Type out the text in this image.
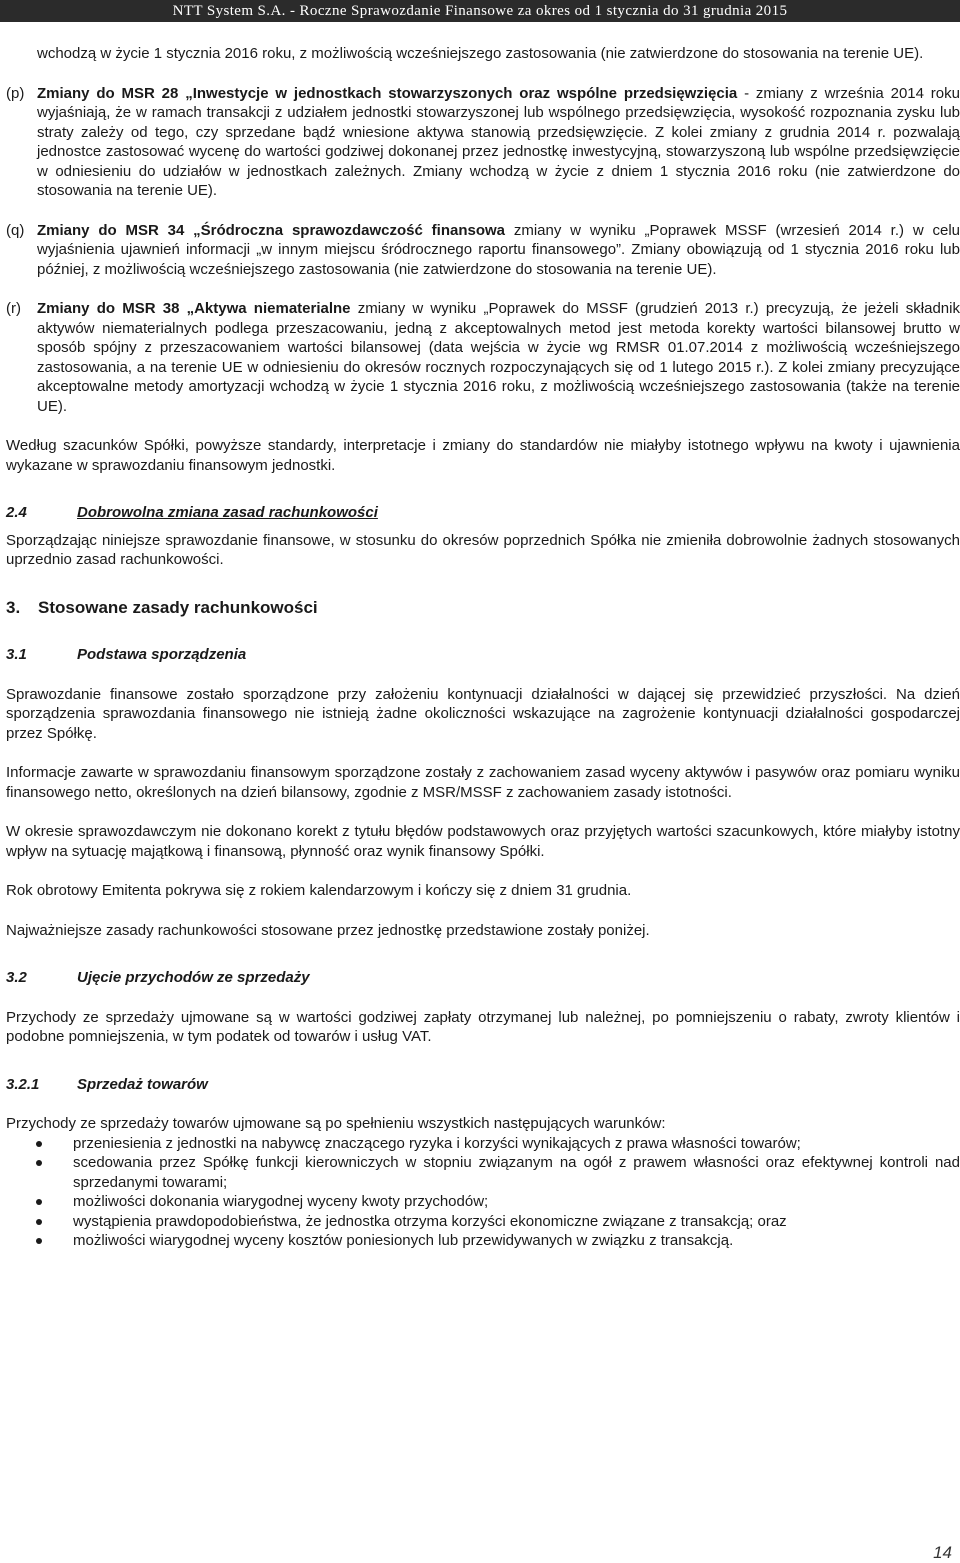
NTT System S.A. - Roczne Sprawozdanie Finansowe za okres od 1 stycznia do 31 grudnia 2015

wchodzą w życie 1 stycznia 2016 roku, z możliwością wcześniejszego zastosowania (nie zatwierdzone do stosowania na terenie UE).

(p) Zmiany do MSR 28 „Inwestycje w jednostkach stowarzyszonych oraz wspólne przedsięwzięcia - zmiany z września 2014 roku wyjaśniają, że w ramach transakcji z udziałem jednostki stowarzyszonej lub wspólnego przedsięwzięcia, wysokość rozpoznania zysku lub straty zależy od tego, czy sprzedane bądź wniesione aktywa stanowią przedsięwzięcie. Z kolei zmiany z grudnia 2014 r. pozwalają jednostce zastosować wycenę do wartości godziwej dokonanej przez jednostkę inwestycyjną, stowarzyszoną lub wspólne przedsięwzięcie w odniesieniu do udziałów w jednostkach zależnych. Zmiany wchodzą w życie z dniem 1 stycznia 2016 roku (nie zatwierdzone do stosowania na terenie UE).

(q) Zmiany do MSR 34 „Śródroczna sprawozdawczość finansowa zmiany w wyniku „Poprawek MSSF (wrzesień 2014 r.) w celu wyjaśnienia ujawnień informacji „w innym miejscu śródrocznego raportu finansowego”. Zmiany obowiązują od 1 stycznia 2016 roku lub później, z możliwością wcześniejszego zastosowania (nie zatwierdzone do stosowania na terenie UE).

(r) Zmiany do MSR 38 „Aktywa niematerialne zmiany w wyniku „Poprawek do MSSF (grudzień 2013 r.) precyzują, że jeżeli składnik aktywów niematerialnych podlega przeszacowaniu, jedną z akceptowalnych metod jest metoda korekty wartości bilansowej brutto w sposób spójny z przeszacowaniem wartości bilansowej (data wejścia w życie wg RMSR 01.07.2014 z możliwością wcześniejszego zastosowania, a na terenie UE w odniesieniu do okresów rocznych rozpoczynających się od 1 lutego 2015 r.). Z kolei zmiany precyzujące akceptowalne metody amortyzacji wchodzą w życie 1 stycznia 2016 roku, z możliwością wcześniejszego zastosowania (także na terenie UE).

Według szacunków Spółki, powyższe standardy, interpretacje i zmiany do standardów nie miałyby istotnego wpływu na kwoty i ujawnienia wykazane w sprawozdaniu finansowym jednostki.

2.4	Dobrowolna zmiana zasad rachunkowości

Sporządzając niniejsze sprawozdanie finansowe, w stosunku do okresów poprzednich Spółka nie zmieniła dobrowolnie żadnych stosowanych uprzednio zasad rachunkowości.

3.	Stosowane zasady rachunkowości
3.1	Podstawa sporządzenia

Sprawozdanie finansowe zostało sporządzone przy założeniu kontynuacji działalności w dającej się przewidzieć przyszłości. Na dzień sporządzenia sprawozdania finansowego nie istnieją żadne okoliczności wskazujące na zagrożenie kontynuacji działalności gospodarczej przez Spółkę.

Informacje zawarte w sprawozdaniu finansowym sporządzone zostały z zachowaniem zasad wyceny aktywów i pasywów oraz pomiaru wyniku finansowego netto, określonych na dzień bilansowy, zgodnie z MSR/MSSF z zachowaniem zasady istotności.

W okresie sprawozdawczym nie dokonano korekt z tytułu błędów podstawowych oraz przyjętych wartości szacunkowych, które miałyby istotny wpływ na sytuację majątkową i finansową, płynność oraz wynik finansowy Spółki.

Rok obrotowy Emitenta pokrywa się z rokiem kalendarzowym i kończy się z dniem 31 grudnia.

Najważniejsze zasady rachunkowości stosowane przez jednostkę przedstawione zostały poniżej.

3.2	Ujęcie przychodów ze sprzedaży

Przychody ze sprzedaży ujmowane są w wartości godziwej zapłaty otrzymanej lub należnej, po pomniejszeniu o rabaty, zwroty klientów i podobne pomniejszenia, w tym podatek od towarów i usług VAT.

3.2.1	Sprzedaż towarów

Przychody ze sprzedaży towarów ujmowane są po spełnieniu wszystkich następujących warunków:

przeniesienia z jednostki na nabywcę znaczącego ryzyka i korzyści wynikających z prawa własności towarów;
scedowania przez Spółkę funkcji kierowniczych w stopniu związanym na ogół z prawem własności oraz efektywnej kontroli nad sprzedanymi towarami;
możliwości dokonania wiarygodnej wyceny kwoty przychodów;
wystąpienia prawdopodobieństwa, że jednostka otrzyma korzyści ekonomiczne związane z transakcją; oraz
możliwości wiarygodnej wyceny kosztów poniesionych lub przewidywanych w związku z transakcją.
14
